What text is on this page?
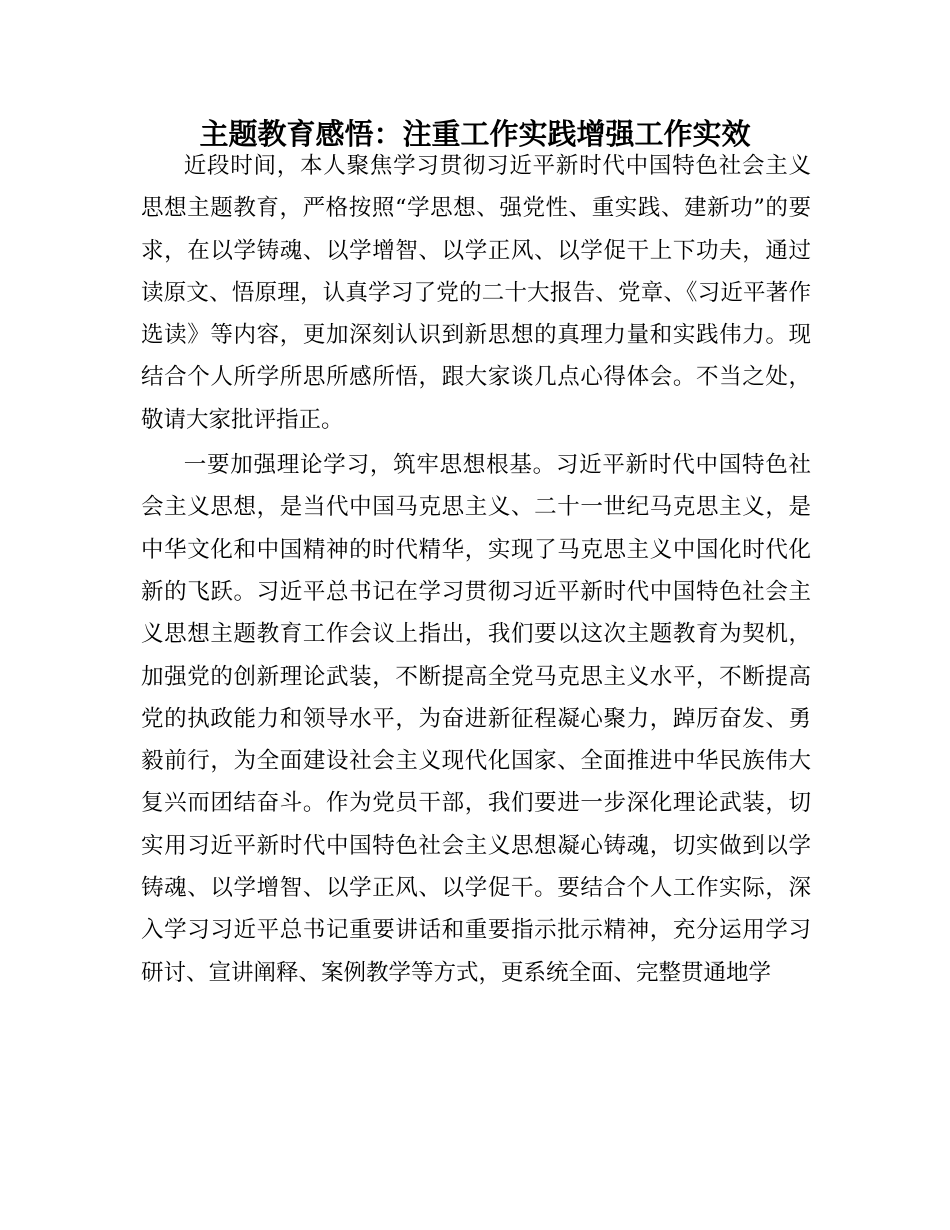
主题教育感悟：注重工作实践增强工作实效

近段时间，本人聚焦学习贯彻习近平新时代中国特色社会主义思想主题教育，严格按照“学思想、强党性、重实践、建新功”的要求，在以学铸魂、以学增智、以学正风、以学促干上下功夫，通过读原文、悟原理，认真学习了党的二十大报告、党章、《习近平著作选读》等内容，更加深刻认识到新思想的真理力量和实践伟力。现结合个人所学所思所感所悟，跟大家谈几点心得体会。不当之处，敬请大家批评指正。

一要加强理论学习，筑牢思想根基。习近平新时代中国特色社会主义思想，是当代中国马克思主义、二十一世纪马克思主义，是中华文化和中国精神的时代精华，实现了马克思主义中国化时代化新的飞跃。习近平总书记在学习贯彻习近平新时代中国特色社会主义思想主题教育工作会议上指出，我们要以这次主题教育为契机，加强党的创新理论武装，不断提高全党马克思主义水平，不断提高党的执政能力和领导水平，为奋进新征程凝心聚力，踔厉奋发、勇毅前行，为全面建设社会主义现代化国家、全面推进中华民族伟大复兴而团结奋斗。作为党员干部，我们要进一步深化理论武装，切实用习近平新时代中国特色社会主义思想凝心铸魂，切实做到以学铸魂、以学增智、以学正风、以学促干。要结合个人工作实际，深入学习习近平总书记重要讲话和重要指示批示精神，充分运用学习研讨、宣讲阐释、案例教学等方式，更系统全面、完整贯通地学
